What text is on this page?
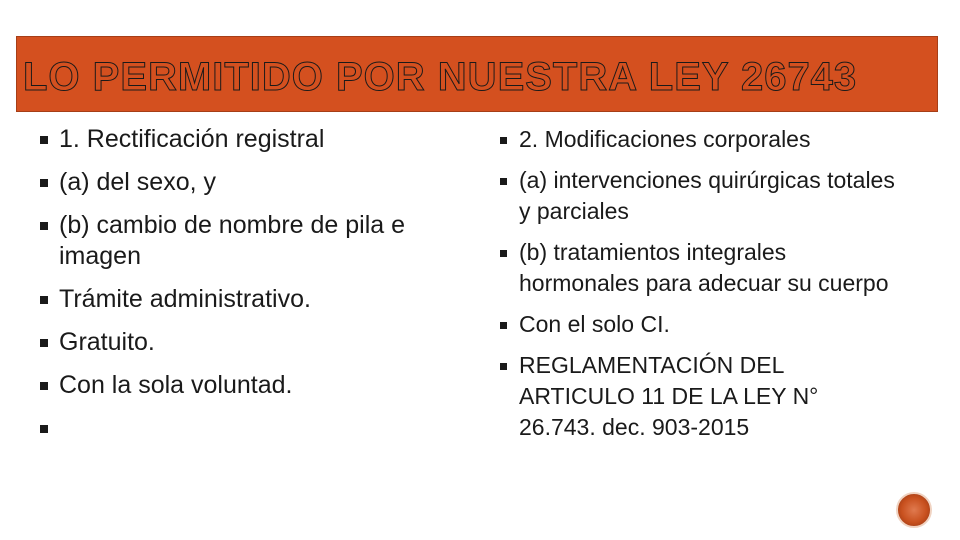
LO PERMITIDO POR NUESTRA LEY 26743
1. Rectificación registral
(a) del sexo, y
(b) cambio de nombre de pila e imagen
Trámite administrativo.
Gratuito.
Con la sola voluntad.
2. Modificaciones corporales
(a) intervenciones quirúrgicas totales y parciales
(b) tratamientos integrales hormonales para adecuar su cuerpo
Con el solo CI.
REGLAMENTACIÓN DEL ARTICULO 11 DE LA LEY N° 26.743. dec. 903-2015
